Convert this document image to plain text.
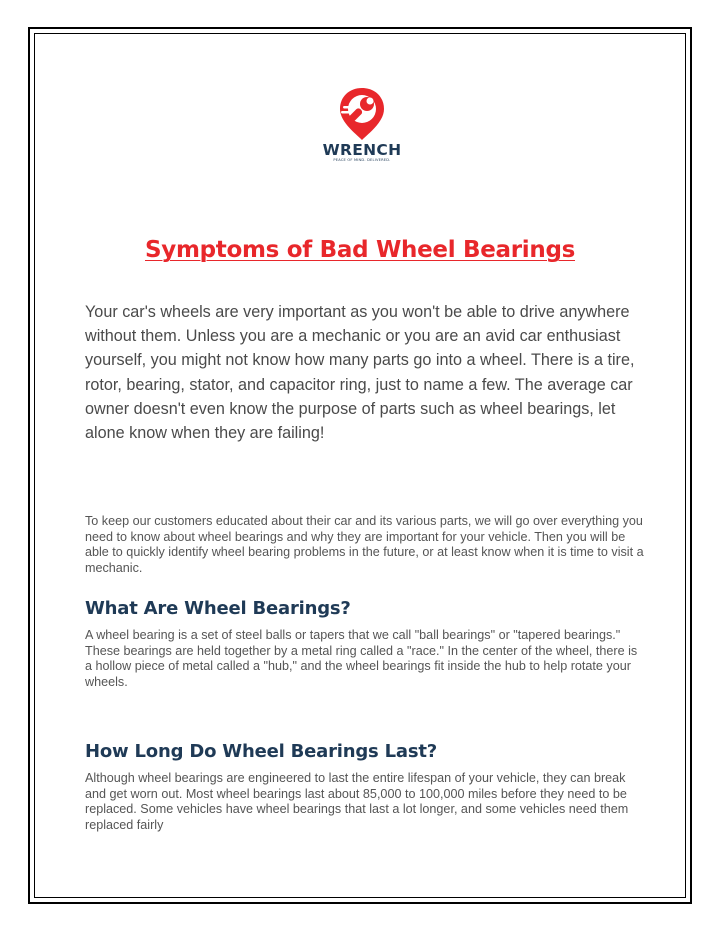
WRENCH
PEACE OF MIND. DELIVERED.
Symptoms of Bad Wheel Bearings

Your car's wheels are very important as you won't be able to drive anywhere without them. Unless you are a mechanic or you are an avid car enthusiast yourself, you might not know how many parts go into a wheel. There is a tire, rotor, bearing, stator, and capacitor ring, just to name a few. The average car owner doesn't even know the purpose of parts such as wheel bearings, let alone know when they are failing!

To keep our customers educated about their car and its various parts, we will go over everything you need to know about wheel bearings and why they are important for your vehicle. Then you will be able to quickly identify wheel bearing problems in the future, or at least know when it is time to visit a mechanic.

What Are Wheel Bearings?

A wheel bearing is a set of steel balls or tapers that we call "ball bearings" or "tapered bearings." These bearings are held together by a metal ring called a "race." In the center of the wheel, there is a hollow piece of metal called a "hub," and the wheel bearings fit inside the hub to help rotate your wheels.

How Long Do Wheel Bearings Last?

Although wheel bearings are engineered to last the entire lifespan of your vehicle, they can break and get worn out. Most wheel bearings last about 85,000 to 100,000 miles before they need to be replaced. Some vehicles have wheel bearings that last a lot longer, and some vehicles need them replaced fairly
